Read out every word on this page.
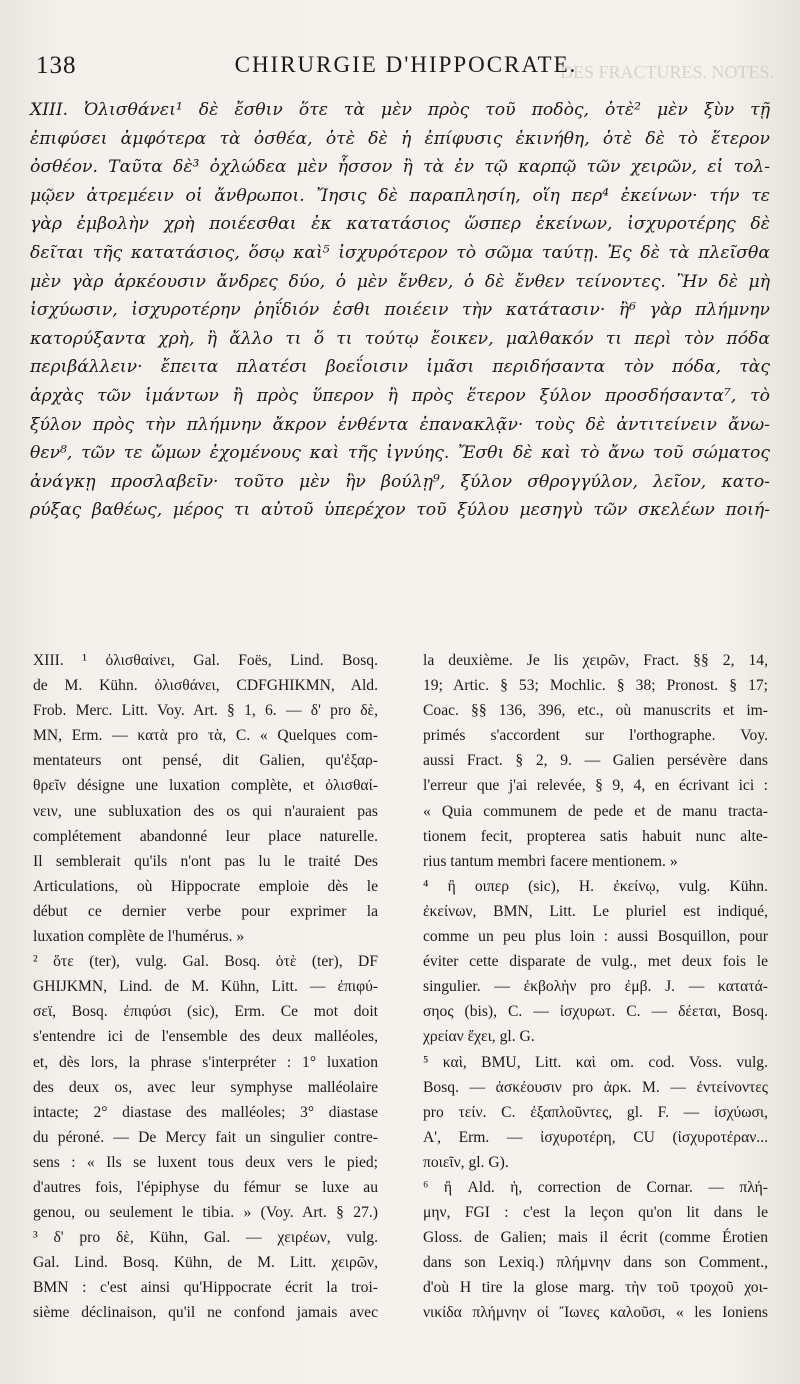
DES FRACTURES. NOTES.
138	CHIRURGIE D'HIPPOCRATE.
XIII. Ὀλισθάνει¹ δὲ ἔσθιν ὅτε τὰ μὲν πρὸς τοῦ ποδὸς, ὁτὲ² μὲν ξὺν τῇ
ἐπιφύσει ἀμφότερα τὰ ὀσθέα, ὁτὲ δὲ ἡ ἐπίφυσις ἐκινήθη, ὁτὲ δὲ τὸ ἕτερον
ὀσθέον. Ταῦτα δὲ³ ὀχλώδεα μὲν ἧσσον ἢ τὰ ἐν τῷ καρπῷ τῶν χειρῶν, εἰ τολ-
μῷεν ἀτρεμέειν οἱ ἄνθρωποι. Ἴησις δὲ παραπλησίη, οἵη περ⁴ ἐκείνων· τήν τε
γὰρ ἐμβολὴν χρὴ ποιέεσθαι ἐκ κατατάσιος ὥσπερ ἐκείνων, ἰσχυροτέρης δὲ
δεῖται τῆς κατατάσιος, ὅσῳ καὶ⁵ ἰσχυρότερον τὸ σῶμα ταύτῃ. Ἐς δὲ τὰ πλεῖσθα
μὲν γὰρ ἀρκέουσιν ἄνδρες δύο, ὁ μὲν ἔνθεν, ὁ δὲ ἔνθεν τείνοντες. Ἢν δὲ μὴ
ἰσχύωσιν, ἰσχυροτέρην ῥηΐδιόν ἐσθι ποιέειν τὴν κατάτασιν· ἢ⁶ γὰρ πλήμνην
κατορύξαντα χρὴ, ἢ ἄλλο τι ὅ τι τούτῳ ἔοικεν, μαλθακόν τι περὶ τὸν πόδα
περιβάλλειν· ἔπειτα πλατέσι βοεΐοισιν ἱμᾶσι περιδήσαντα τὸν πόδα, τὰς
ἀρχὰς τῶν ἱμάντων ἢ πρὸς ὕπερον ἢ πρὸς ἕτερον ξύλον προσδήσαντα⁷, τὸ
ξύλον πρὸς τὴν πλήμνην ἄκρον ἐνθέντα ἐπανακλᾷν· τοὺς δὲ ἀντιτείνειν ἄνω-
θεν⁸, τῶν τε ὤμων ἐχομένους καὶ τῆς ἰγνύης. Ἔσθι δὲ καὶ τὸ ἄνω τοῦ σώματος
ἀνάγκῃ προσλαβεῖν· τοῦτο μὲν ἢν βούλῃ⁹, ξύλον σθρογγύλον, λεῖον, κατο-
ρύξας βαθέως, μέρος τι αὐτοῦ ὑπερέχον τοῦ ξύλου μεσηγὺ τῶν σκελέων ποιή-
XIII. ¹ ὀλισθαίνει, Gal. Foës, Lind. Bosq.
de M. Kühn. ὀλισθάνει, CDFGHIKMN, Ald.
Frob. Merc. Litt. Voy. Art. § 1, 6. — δ' pro δὲ,
MN, Erm. — κατὰ pro τὰ, C. « Quelques com-
mentateurs ont pensé, dit Galien, qu'ἐξαρ-
θρεῖν désigne une luxation complète, et ὀλισθαί-
νειν, une subluxation des os qui n'auraient pas
complétement abandonné leur place naturelle.
Il semblerait qu'ils n'ont pas lu le traité Des
Articulations, où Hippocrate emploie dès le
début ce dernier verbe pour exprimer la
luxation complète de l'humérus. »
² ὅτε (ter), vulg. Gal. Bosq. ὁτὲ (ter), DF
GHIJKMN, Lind. de M. Kühn, Litt. — ἐπιφύ-
σεϊ, Bosq. ἐπιφύσι (sic), Erm. Ce mot doit
s'entendre ici de l'ensemble des deux malléoles,
et, dès lors, la phrase s'interpréter : 1° luxation
des deux os, avec leur symphyse malléolaire
intacte; 2° diastase des malléoles; 3° diastase
du péroné. — De Mercy fait un singulier contre-
sens : « Ils se luxent tous deux vers le pied;
d'autres fois, l'épiphyse du fémur se luxe au
genou, ou seulement le tibia. » (Voy. Art. § 27.)
³ δ' pro δὲ, Kühn, Gal. — χειρέων, vulg.
Gal. Lind. Bosq. Kühn, de M. Litt. χειρῶν,
BMN : c'est ainsi qu'Hippocrate écrit la troi-
sième déclinaison, qu'il ne confond jamais avec
la deuxième. Je lis χειρῶν, Fract. §§ 2, 14,
19; Artic. § 53; Mochlic. § 38; Pronost. § 17;
Coac. §§ 136, 396, etc., où manuscrits et im-
primés s'accordent sur l'orthographe. Voy.
aussi Fract. § 2, 9. — Galien persévère dans
l'erreur que j'ai relevée, § 9, 4, en écrivant ici :
« Quia communem de pede et de manu tracta-
tionem fecit, propterea satis habuit nunc alte-
rius tantum membri facere mentionem. »
⁴ ἢ οιπερ (sic), H. ἐκείνῳ, vulg. Kühn.
ἐκείνων, BMN, Litt. Le pluriel est indiqué,
comme un peu plus loin : aussi Bosquillon, pour
éviter cette disparate de vulg., met deux fois le
singulier. — ἐκβολὴν pro ἐμβ. J. — κατατά-
σηος (bis), C. — ἰσχυρωτ. C. — δέεται, Bosq.
χρείαν ἔχει, gl. G.
⁵ καὶ, BMU, Litt. καὶ om. cod. Voss. vulg.
Bosq. — ἀσκέουσιν pro ἀρκ. M. — ἐντείνοντες
pro τείν. C. ἐξαπλοῦντες, gl. F. — ἰσχύωσι,
A', Erm. — ἰσχυροτέρη, CU (ἰσχυροτέραν...
ποιεῖν, gl. G).
⁶ ἢ Ald. ἡ, correction de Cornar. — πλή-
μην, FGI : c'est la leçon qu'on lit dans le
Gloss. de Galien; mais il écrit (comme Érotien
dans son Lexiq.) πλήμνην dans son Comment.,
d'où H tire la glose marg. τὴν τοῦ τροχοῦ χοι-
νικίδα πλήμνην οἱ Ἴωνες καλοῦσι, « les Ioniens
